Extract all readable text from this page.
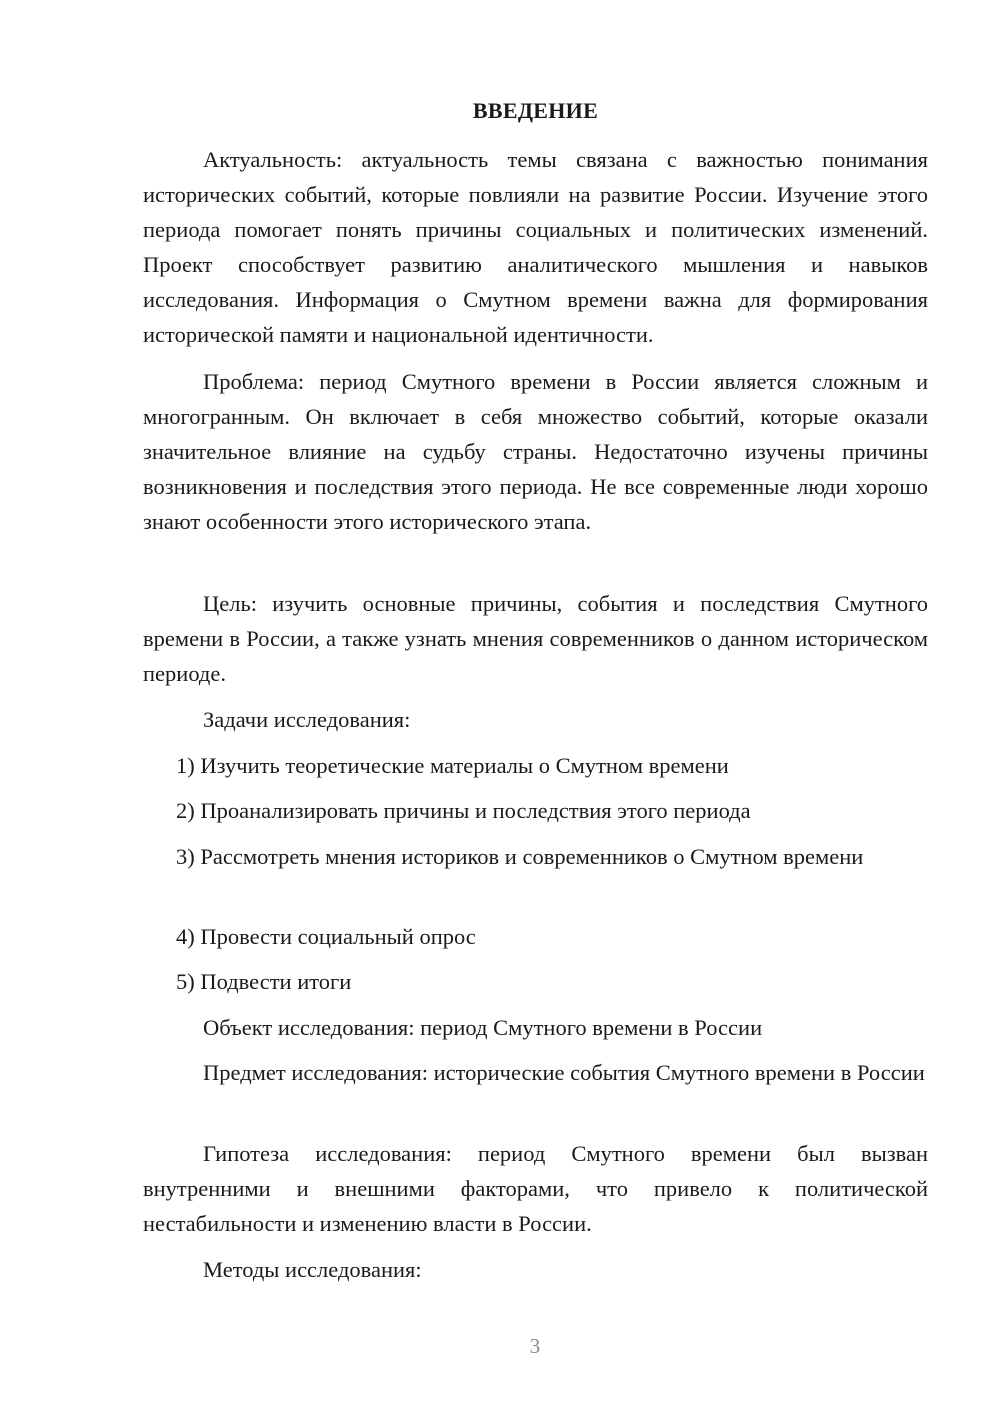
ВВЕДЕНИЕ

Актуальность: актуальность темы связана с важностью понимания исторических событий, которые повлияли на развитие России. Изучение этого периода помогает понять причины социальных и политических изменений. Проект способствует развитию аналитического мышления и навыков исследования. Информация о Смутном времени важна для формирования исторической памяти и национальной идентичности.

Проблема: период Смутного времени в России является сложным и многогранным. Он включает в себя множество событий, которые оказали значительное влияние на судьбу страны. Недостаточно изучены причины возникновения и последствия этого периода. Не все современные люди хорошо знают особенности этого исторического этапа.

Цель: изучить основные причины, события и последствия Смутного времени в России, а также узнать мнения современников о данном историческом периоде.

Задачи исследования:

1) Изучить теоретические материалы о Смутном времени

2) Проанализировать причины и последствия этого периода

3) Рассмотреть мнения историков и современников о Смутном времени

4) Провести социальный опрос

5) Подвести итоги

Объект исследования: период Смутного времени в России

Предмет исследования: исторические события Смутного времени в России

Гипотеза исследования: период Смутного времени был вызван внутренними и внешними факторами, что привело к политической нестабильности и изменению власти в России.

Методы исследования:

3
